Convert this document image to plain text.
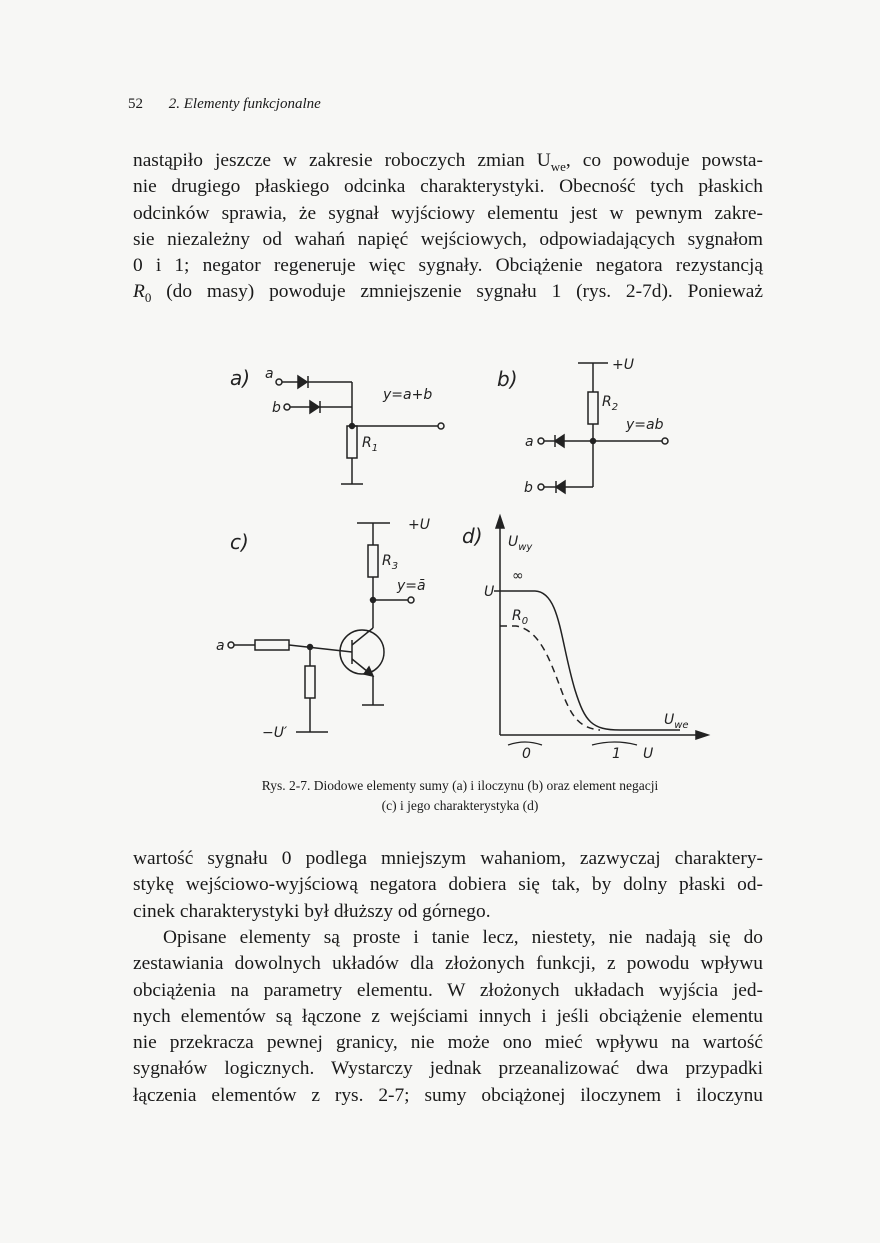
52 2. Elementy funkcjonalne
nastąpiło jeszcze w zakresie roboczych zmian $U_{we}$, co powoduje powsta-
nie drugiego płaskiego odcinka charakterystyki. Obecność tych płaskich
odcinków sprawia, że sygnał wyjściowy elementu jest w pewnym zakre-
sie niezależny od wahań napięć wejściowych, odpowiadających sygnałom
0 i 1; negator regeneruje więc sygnały. Obciążenie negatora rezystancją
$R_0$ (do masy) powoduje zmniejszenie sygnału 1 (rys. 2-7d). Ponieważ
a) a
b
y=a+b
$R_1$
b)
+U
$R_2$
y=ab
a
b
c)
+U
$R_3$
y=ā
a
−U′
d) $U_{wy}$
U
∞
$R_0$
$U_{we}$
0	1 U
Rys. 2-7. Diodowe elementy sumy (a) i iloczynu (b) oraz element negacji
(c) i jego charakterystyka (d)
wartość sygnału 0 podlega mniejszym wahaniom, zazwyczaj charaktery-
stykę wejściowo-wyjściową negatora dobiera się tak, by dolny płaski od-
cinek charakterystyki był dłuższy od górnego.
Opisane elementy są proste i tanie lecz, niestety, nie nadają się do
zestawiania dowolnych układów dla złożonych funkcji, z powodu wpływu
obciążenia na parametry elementu. W złożonych układach wyjścia jed-
nych elementów są łączone z wejściami innych i jeśli obciążenie elementu
nie przekracza pewnej granicy, nie może ono mieć wpływu na wartość
sygnałów logicznych. Wystarczy jednak przeanalizować dwa przypadki
łączenia elementów z rys. 2-7; sumy obciążonej iloczynem i iloczynu
